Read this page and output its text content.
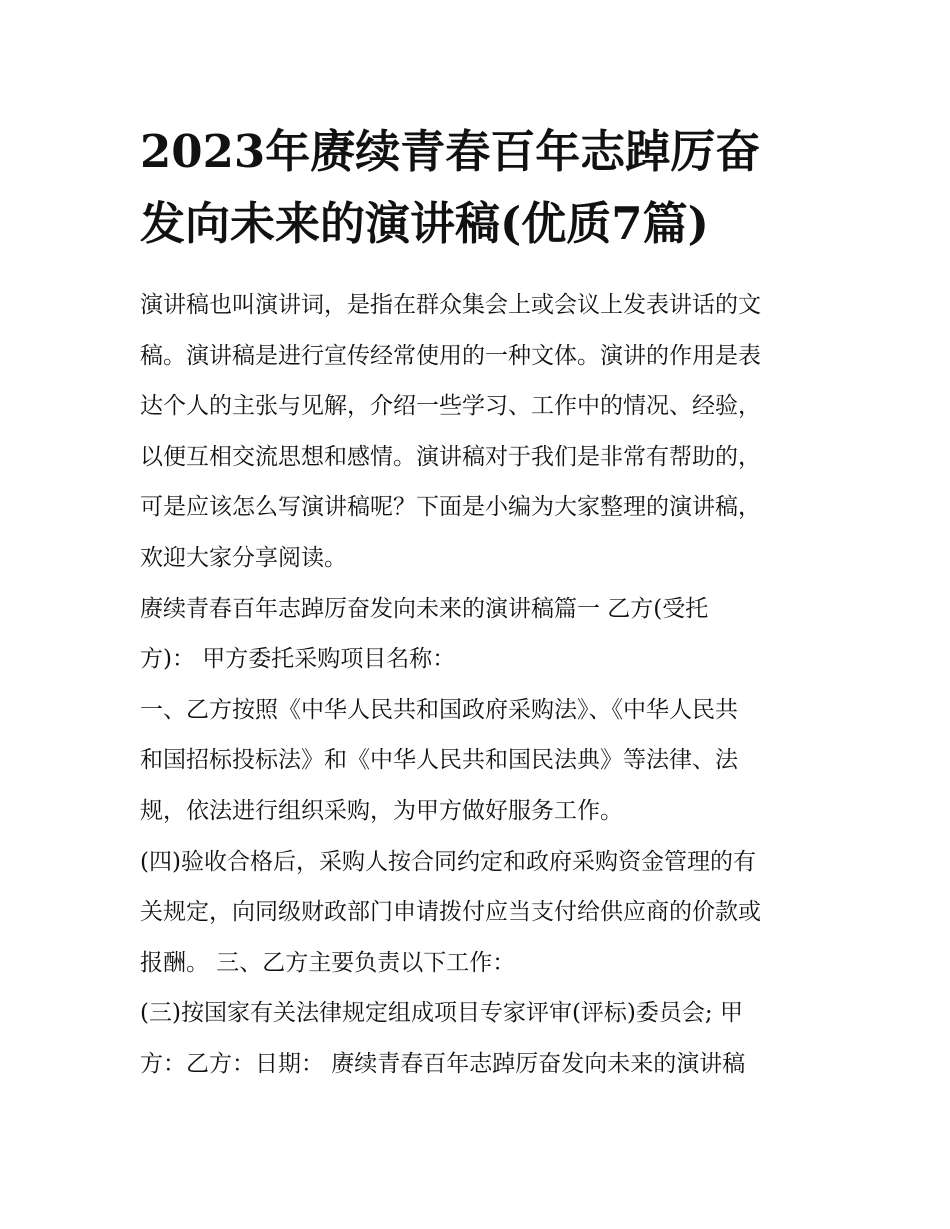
2023年赓续青春百年志踔厉奋
发向未来的演讲稿(优质7篇)
演讲稿也叫演讲词，是指在群众集会上或会议上发表讲话的文
稿。演讲稿是进行宣传经常使用的一种文体。演讲的作用是表
达个人的主张与见解，介绍一些学习、工作中的情况、经验，
以便互相交流思想和感情。演讲稿对于我们是非常有帮助的，
可是应该怎么写演讲稿呢？下面是小编为大家整理的演讲稿，
欢迎大家分享阅读。
赓续青春百年志踔厉奋发向未来的演讲稿篇一 乙方(受托
方)： 甲方委托采购项目名称：
一、乙方按照《中华人民共和国政府采购法》、《中华人民共
和国招标投标法》和《中华人民共和国民法典》等法律、法
规，依法进行组织采购，为甲方做好服务工作。
(四)验收合格后，采购人按合同约定和政府采购资金管理的有
关规定，向同级财政部门申请拨付应当支付给供应商的价款或
报酬。 三、乙方主要负责以下工作：
(三)按国家有关法律规定组成项目专家评审(评标)委员会; 甲
方：乙方：日期： 赓续青春百年志踔厉奋发向未来的演讲稿
